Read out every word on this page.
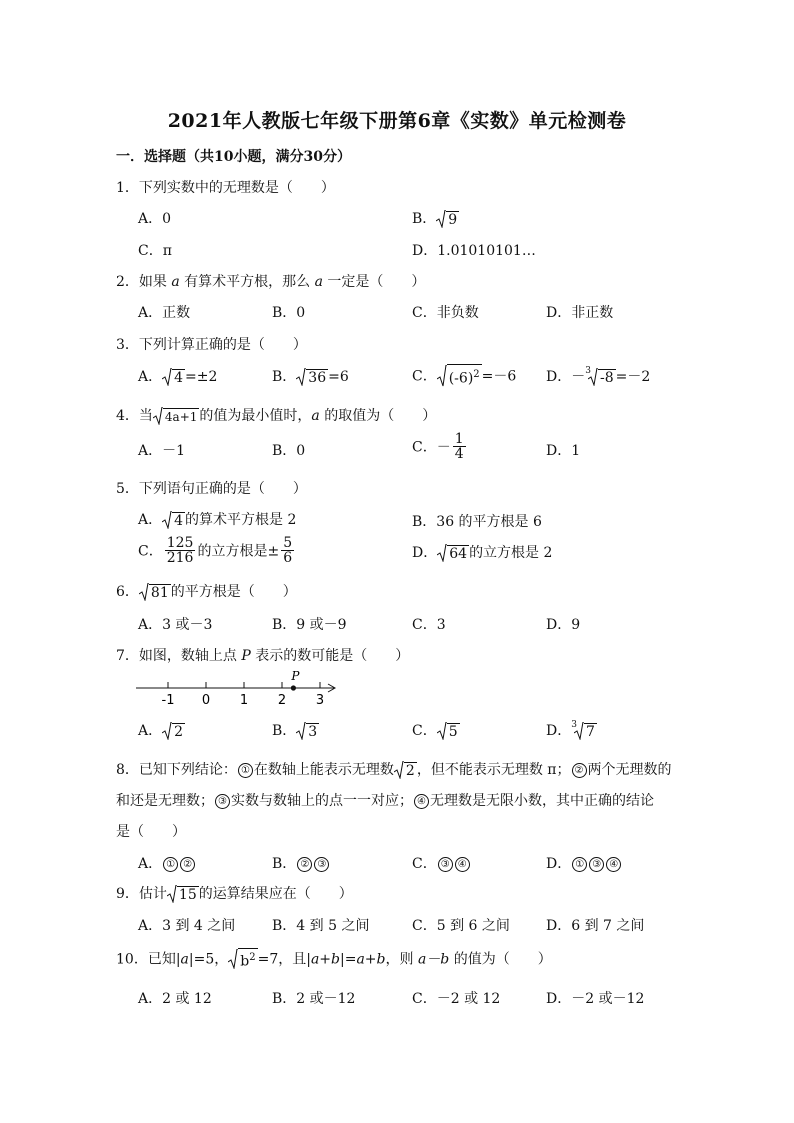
2021年人教版七年级下册第6章《实数》单元检测卷
一．选择题（共10小题，满分30分）
1．下列实数中的无理数是（　　）
A．0	B． 9
C．π	D．1.01010101…
2．如果 a 有算术平方根，那么 a 一定是（　　）
A．正数	B．0	C．非负数	D．非正数
3．下列计算正确的是（　　）
A． 4 =±2	B． 36 =6	C． $(-6)^2 =-6$ D．－$^3$ -8 =－2
4．当 4a+1 的值为最小值时，a 的取值为（　　）
A．－1	B．0	C．－ $\frac{1}{4}$	D．1
5．下列语句正确的是（　　）
A． 4 的算术平方根是 2	B．36 的平方根是 6
C． $\frac{125}{216}$ 的立方根是± $\frac{5}{6}$	D． 64 的立方根是 2
6． 81 的平方根是（　　）
A．3 或－3	B．9 或－9	C．3	D．9
7．如图，数轴上点 P 表示的数可能是（　　）
-1 0 1 2 3
P
A． 2	B． 3	C． 5	D．$^3$ 7
8．已知下列结论： ① 在数轴上能表示无理数 2 ，但不能表示无理数 π； ② 两个无理数的
和还是无理数； ③ 实数与数轴上的点一一对应； ④ 无理数是无限小数，其中正确的结论
是（　　）
A． ① ②	B． ② ③	C． ③ ④	D． ① ③ ④
9．估计 15 的运算结果应在（　　）
A．3 到 4 之间	B．4 到 5 之间	C．5 到 6 之间	D．6 到 7 之间
10．已知|a|=5， $b^2 =7$，且|a+b|=a+b，则 a－b 的值为（　　）
A．2 或 12	B．2 或－12	C．－2 或 12	D．－2 或－12
